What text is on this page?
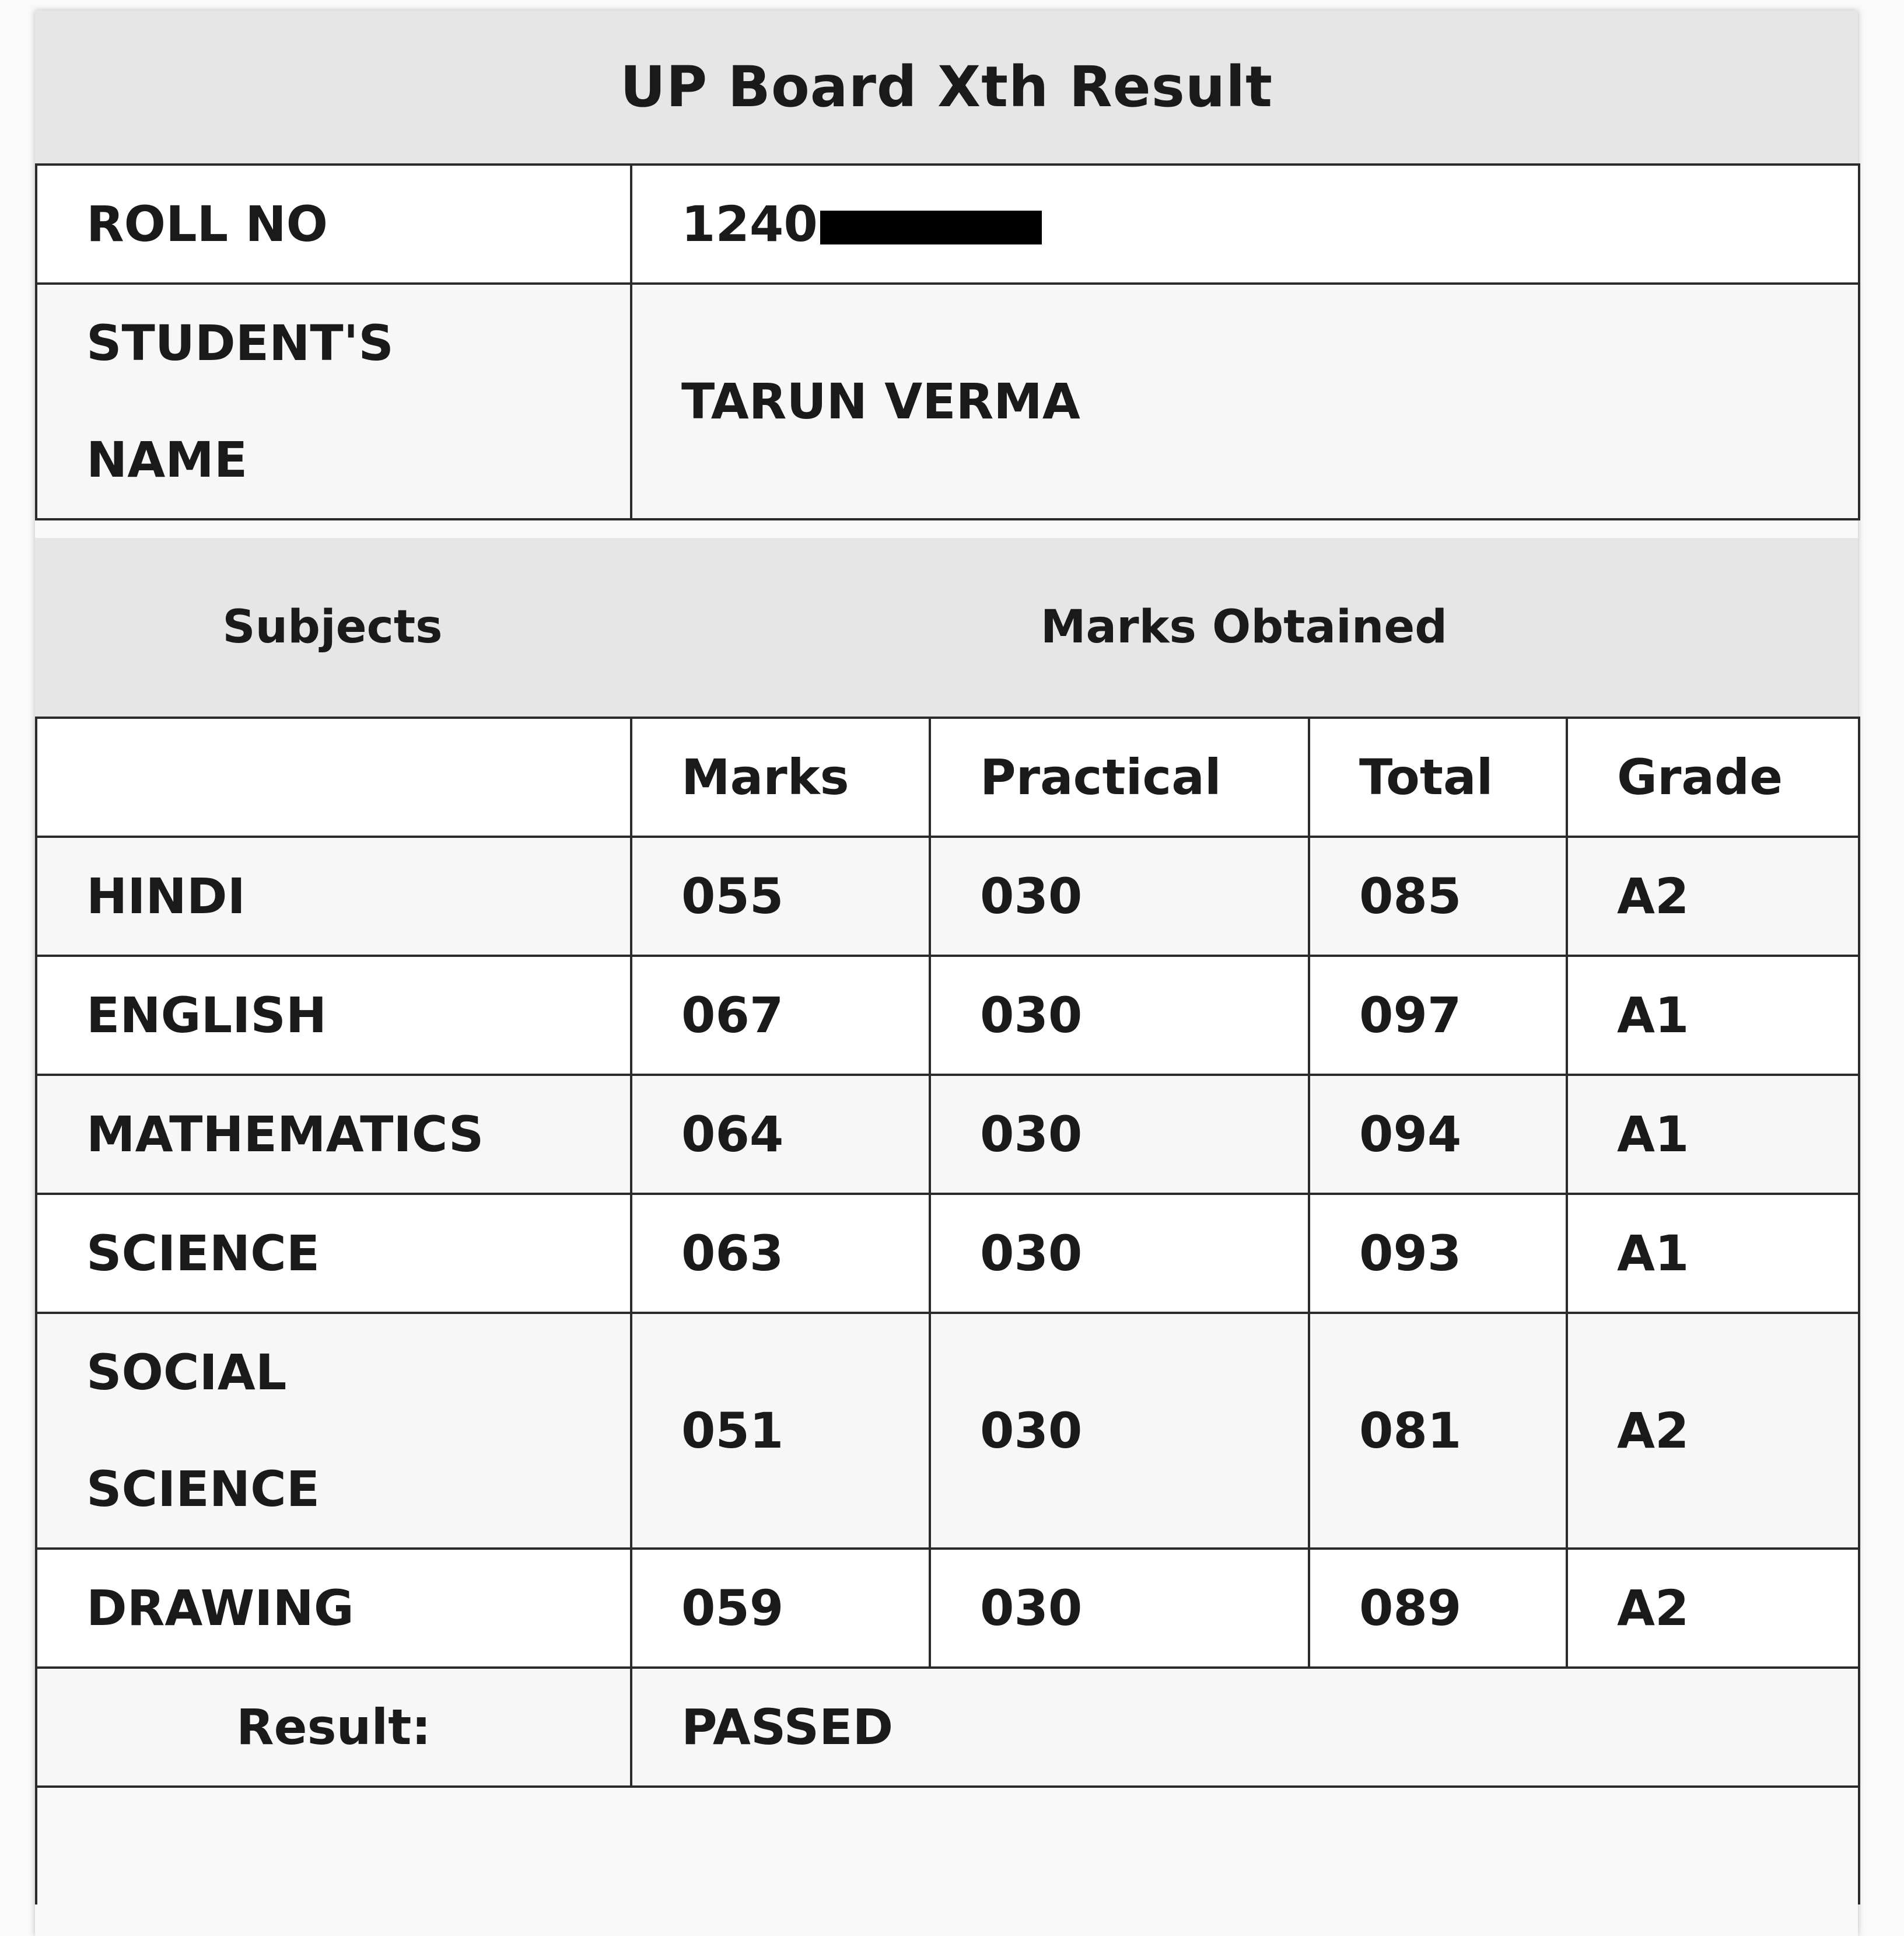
UP Board Xth Result
ROLL NO	1240
STUDENT'S
NAME	TARUN VERMA
Subjects	Marks Obtained
	Marks	Practical	Total	Grade
HINDI	055	030	085	A2
ENGLISH	067	030	097	A1
MATHEMATICS	064	030	094	A1
SCIENCE	063	030	093	A1
SOCIAL
SCIENCE	051	030	081	A2
DRAWING	059	030	089	A2
Result:	PASSED			
